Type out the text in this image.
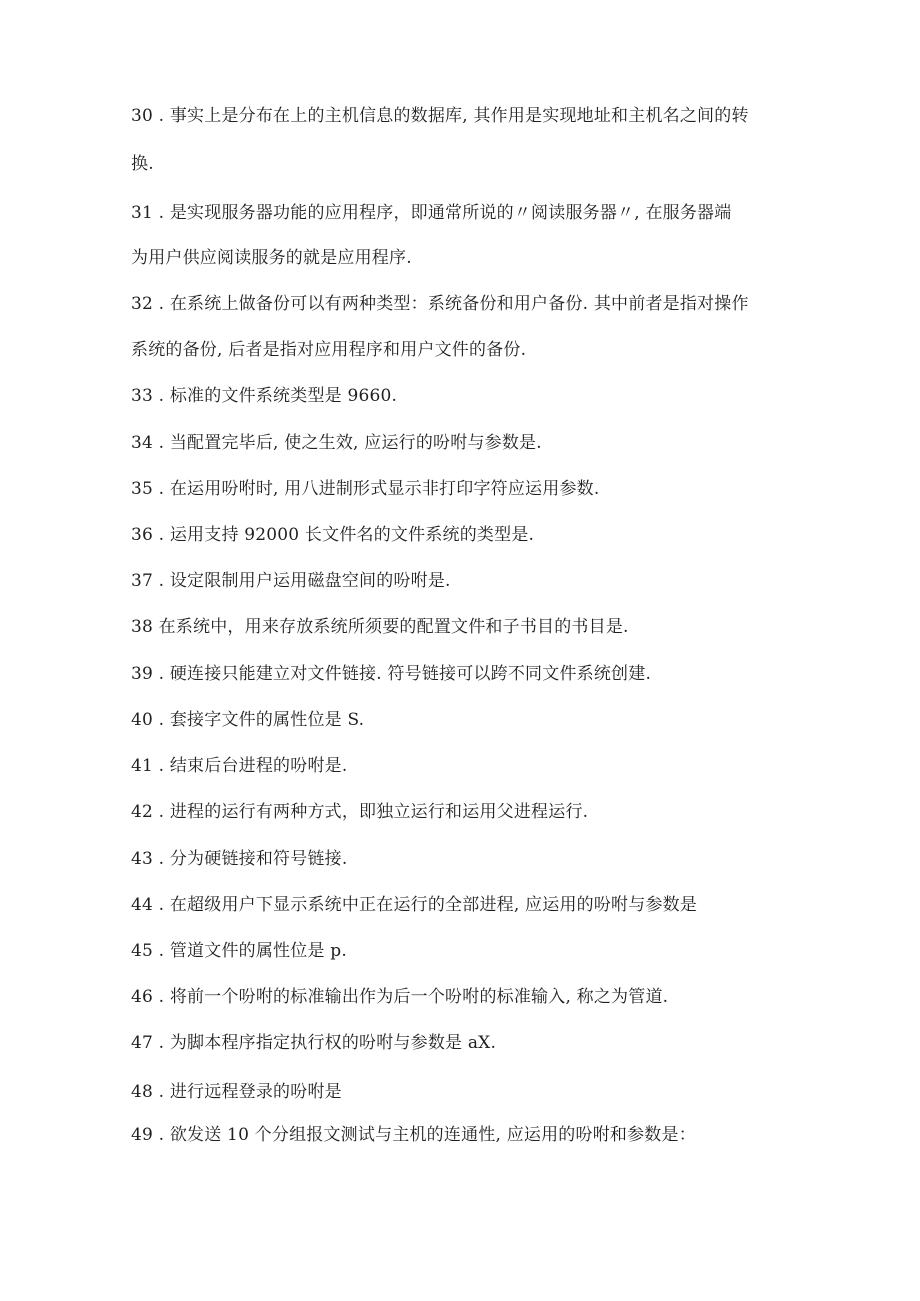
30 . 事实上是分布在上的主机信息的数据库, 其作用是实现地址和主机名之间的转
换.
31 . 是实现服务器功能的应用程序，即通常所说的〃阅读服务器〃, 在服务器端
为用户供应阅读服务的就是应用程序.
32 . 在系统上做备份可以有两种类型：系统备份和用户备份. 其中前者是指对操作
系统的备份, 后者是指对应用程序和用户文件的备份.
33 . 标准的文件系统类型是 9660.
34 . 当配置完毕后, 使之生效, 应运行的吩咐与参数是.
35 . 在运用吩咐时, 用八进制形式显示非打印字符应运用参数.
36 . 运用支持 92000 长文件名的文件系统的类型是.
37 . 设定限制用户运用磁盘空间的吩咐是.
38 在系统中，用来存放系统所须要的配置文件和子书目的书目是.
39 . 硬连接只能建立对文件链接. 符号链接可以跨不同文件系统创建.
40 . 套接字文件的属性位是 S.
41 . 结束后台进程的吩咐是.
42 . 进程的运行有两种方式，即独立运行和运用父进程运行.
43 . 分为硬链接和符号链接.
44 . 在超级用户下显示系统中正在运行的全部进程, 应运用的吩咐与参数是
45 . 管道文件的属性位是 p.
46 . 将前一个吩咐的标准输出作为后一个吩咐的标准输入, 称之为管道.
47 . 为脚本程序指定执行权的吩咐与参数是 aX.
48 . 进行远程登录的吩咐是
49 . 欲发送 10 个分组报文测试与主机的连通性, 应运用的吩咐和参数是：
